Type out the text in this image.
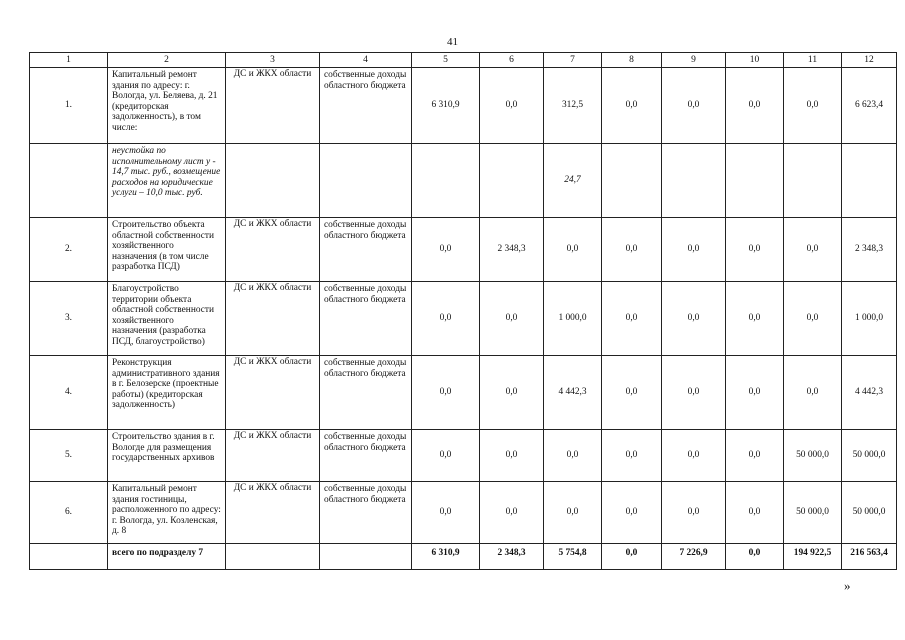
41
1	2	3	4	5	6	7	8	9	10	11	12
1.	Капитальный ремонт здания по адресу: г. Вологда, ул. Беляева, д. 21 (кредиторская задолженность), в том числе:	ДС и ЖКХ области	собственные доходы областного бюджета	6 310,9	0,0	312,5	0,0	0,0	0,0	0,0	6 623,4
	неустойка по исполнительному лист у - 14,7 тыс. руб., возмещение расходов на юридические услуги – 10,0 тыс. руб.					24,7					
2.	Строительство объекта областной собственности хозяйственного назначения (в том числе разработка ПСД)	ДС и ЖКХ области	собственные доходы областного бюджета	0,0	2 348,3	0,0	0,0	0,0	0,0	0,0	2 348,3
3.	Благоустройство территории объекта областной собственности хозяйственного назначения (разработка ПСД, благоустройство)	ДС и ЖКХ области	собственные доходы областного бюджета	0,0	0,0	1 000,0	0,0	0,0	0,0	0,0	1 000,0
4.	Реконструкция административного здания в г. Белозерске (проектные работы) (кредиторская задолженность)	ДС и ЖКХ области	собственные доходы областного бюджета	0,0	0,0	4 442,3	0,0	0,0	0,0	0,0	4 442,3
5.	Строительство здания в г. Вологде для размещения государственных архивов	ДС и ЖКХ области	собственные доходы областного бюджета	0,0	0,0	0,0	0,0	0,0	0,0	50 000,0	50 000,0
6.	Капитальный ремонт здания гостиницы, расположенного по адресу: г. Вологда, ул. Козленская, д. 8	ДС и ЖКХ области	собственные доходы областного бюджета	0,0	0,0	0,0	0,0	0,0	0,0	50 000,0	50 000,0
	всего по подразделу 7			6 310,9	2 348,3	5 754,8	0,0	7 226,9	0,0	194 922,5	216 563,4
»
